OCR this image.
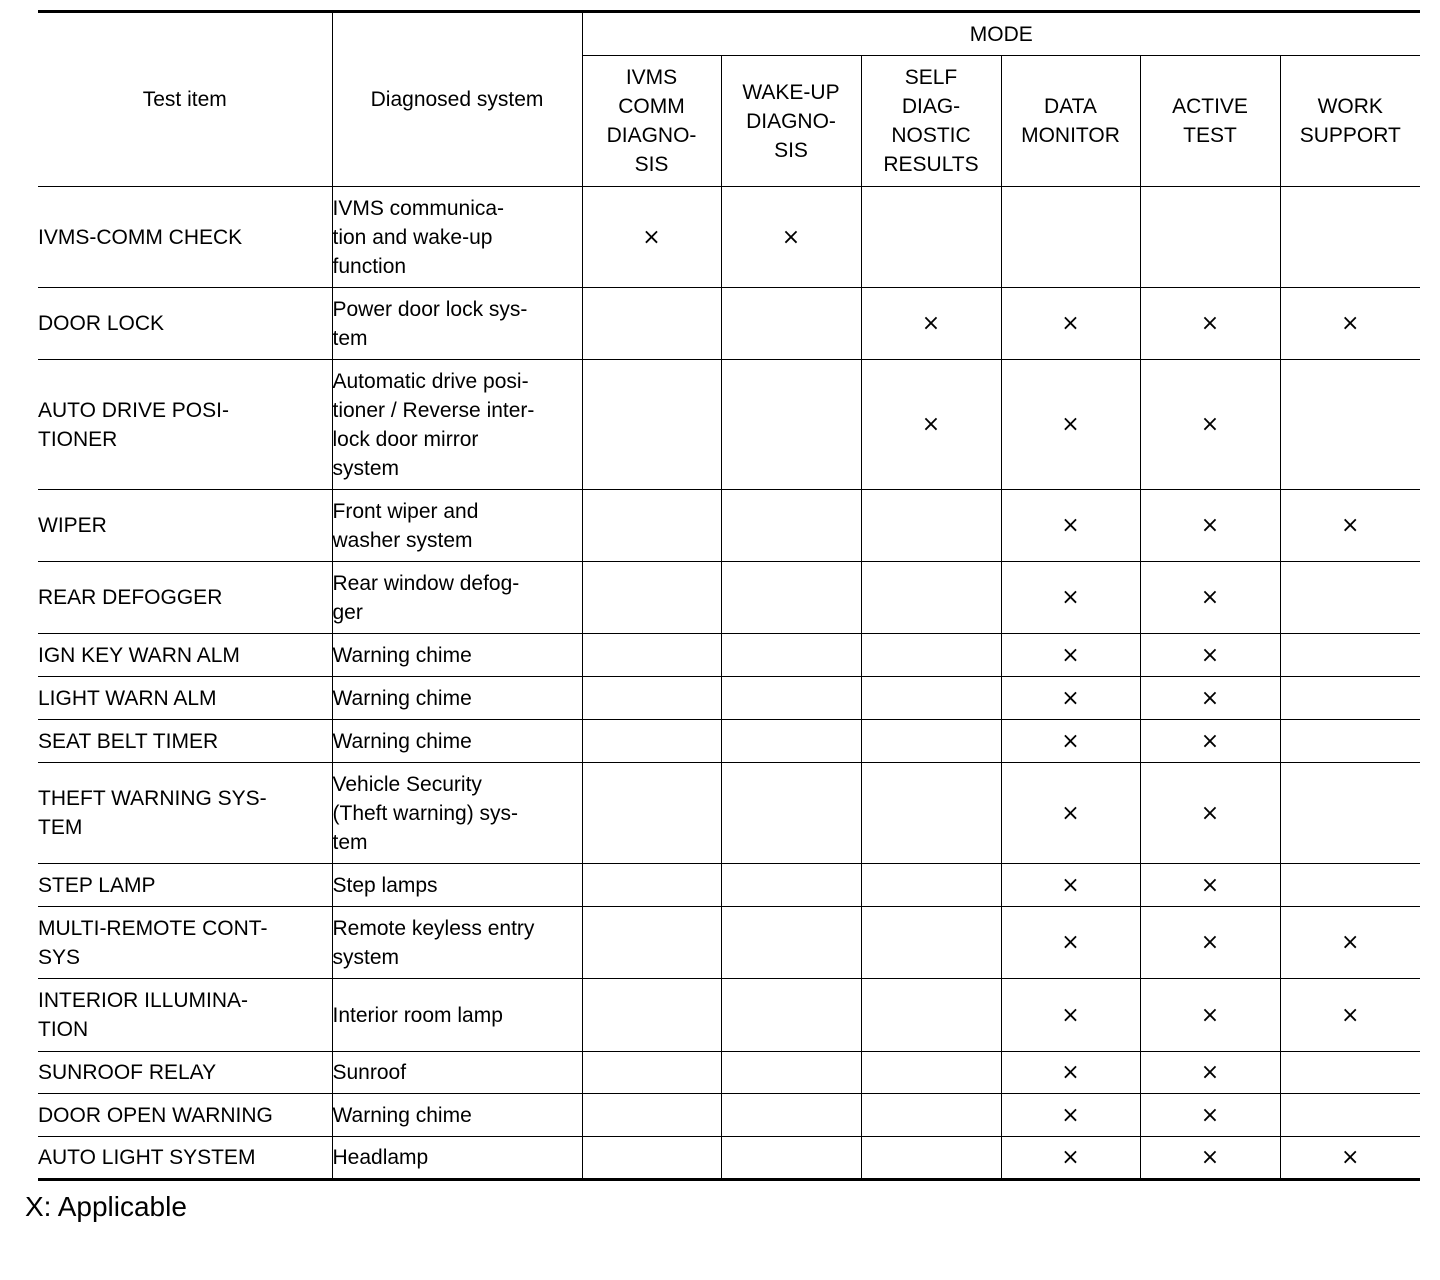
Test item	Diagnosed system	MODE					
		IVMS
COMM
DIAGNO-
SIS	WAKE-UP
DIAGNO-
SIS	SELF
DIAG-
NOSTIC
RESULTS	DATA
MONITOR	ACTIVE
TEST	WORK
SUPPORT
IVMS-COMM CHECK	IVMS communica-
tion and wake-up
function	×	×				
DOOR LOCK	Power door lock sys-
tem			×	×	×	×
AUTO DRIVE POSI-
TIONER	Automatic drive posi-
tioner / Reverse inter-
lock door mirror
system			×	×	×	
WIPER	Front wiper and
washer system				×	×	×
REAR DEFOGGER	Rear window defog-
ger				×	×	
IGN KEY WARN ALM	Warning chime				×	×	
LIGHT WARN ALM	Warning chime				×	×	
SEAT BELT TIMER	Warning chime				×	×	
THEFT WARNING SYS-
TEM	Vehicle Security
(Theft warning) sys-
tem				×	×	
STEP LAMP	Step lamps				×	×	
MULTI-REMOTE CONT-
SYS	Remote keyless entry
system				×	×	×
INTERIOR ILLUMINA-
TION	Interior room lamp				×	×	×
SUNROOF RELAY	Sunroof				×	×	
DOOR OPEN WARNING	Warning chime				×	×	
AUTO LIGHT SYSTEM	Headlamp				×	×	×
X: Applicable
